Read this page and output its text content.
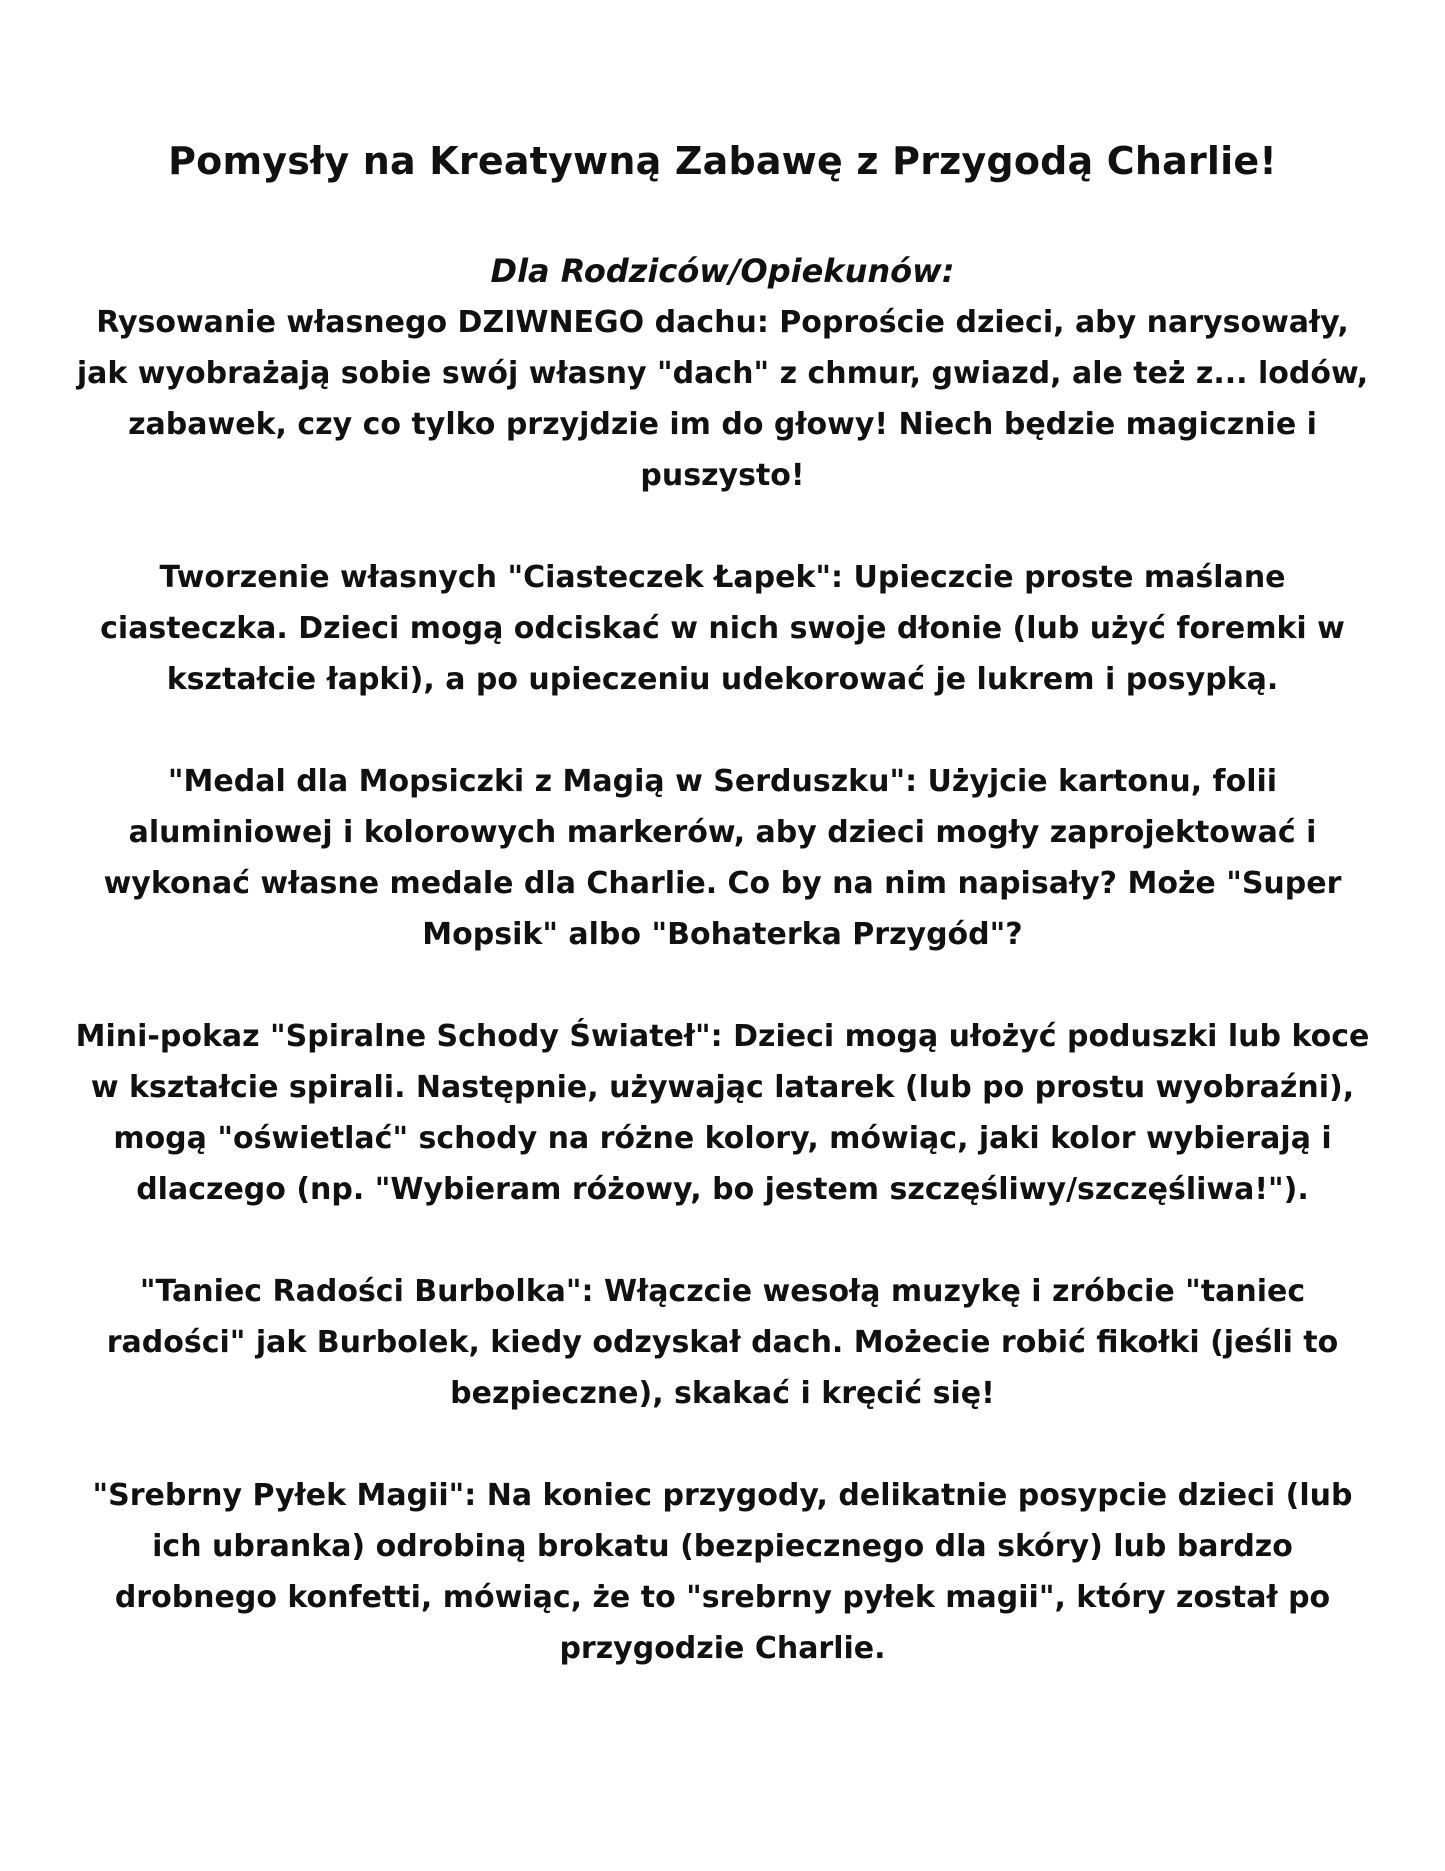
Pomysły na Kreatywną Zabawę z Przygodą Charlie!

Dla Rodziców/Opiekunów:

Rysowanie własnego DZIWNEGO dachu: Poproście dzieci, aby narysowały, jak wyobrażają sobie swój własny "dach" z chmur, gwiazd, ale też z... lodów, zabawek, czy co tylko przyjdzie im do głowy! Niech będzie magicznie i puszysto!

Tworzenie własnych "Ciasteczek Łapek": Upieczcie proste maślane ciasteczka. Dzieci mogą odciskać w nich swoje dłonie (lub użyć foremki w kształcie łapki), a po upieczeniu udekorować je lukrem i posypką.

"Medal dla Mopsiczki z Magią w Serduszku": Użyjcie kartonu, folii aluminiowej i kolorowych markerów, aby dzieci mogły zaprojektować i wykonać własne medale dla Charlie. Co by na nim napisały? Może "Super Mopsik" albo "Bohaterka Przygód"?

Mini-pokaz "Spiralne Schody Świateł": Dzieci mogą ułożyć poduszki lub koce w kształcie spirali. Następnie, używając latarek (lub po prostu wyobraźni), mogą "oświetlać" schody na różne kolory, mówiąc, jaki kolor wybierają i dlaczego (np. "Wybieram różowy, bo jestem szczęśliwy/szczęśliwa!").

"Taniec Radości Burbolka": Włączcie wesołą muzykę i zróbcie "taniec radości" jak Burbolek, kiedy odzyskał dach. Możecie robić fikołki (jeśli to bezpieczne), skakać i kręcić się!

"Srebrny Pyłek Magii": Na koniec przygody, delikatnie posypcie dzieci (lub ich ubranka) odrobiną brokatu (bezpiecznego dla skóry) lub bardzo drobnego konfetti, mówiąc, że to "srebrny pyłek magii", który został po przygodzie Charlie.
